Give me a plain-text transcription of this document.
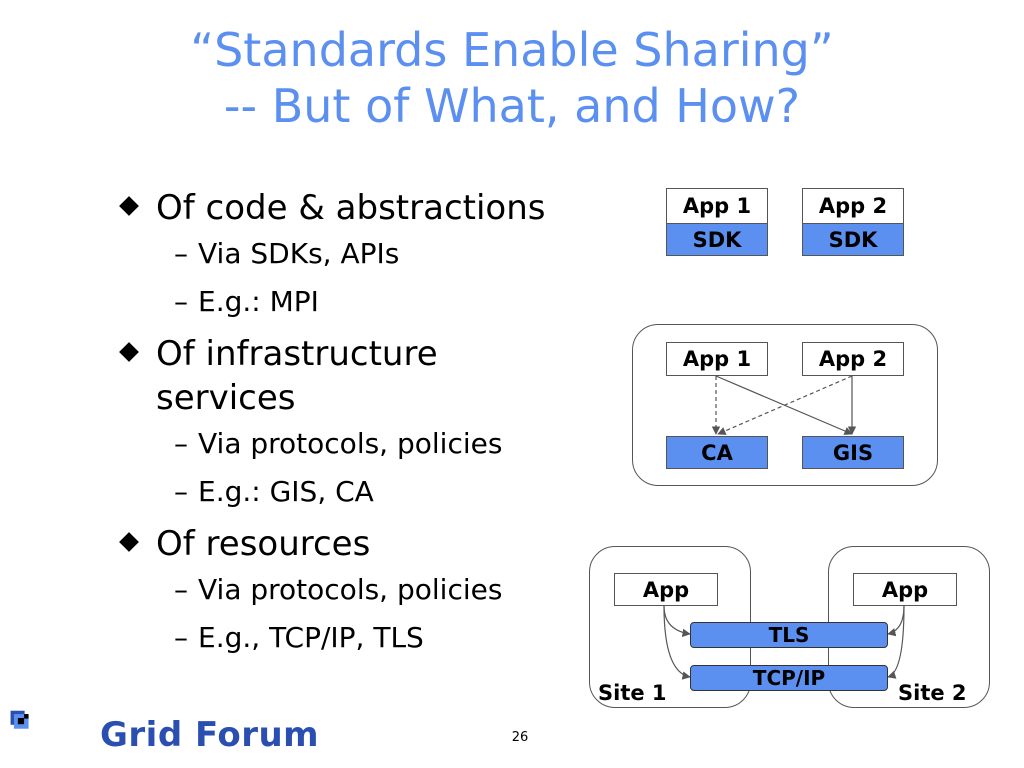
“Standards Enable Sharing”
-- But of What, and How?
Of code & abstractions
– Via SDKs, APIs
– E.g.: MPI
Of infrastructure
services
– Via protocols, policies
– E.g.: GIS, CA
Of resources
– Via protocols, policies
– E.g., TCP/IP, TLS
App 1
SDK
App 2
SDK
App 1	App 2
CA	GIS
App	App
TLS
TCP/IP
Site 1	Site 2
Grid Forum	26
